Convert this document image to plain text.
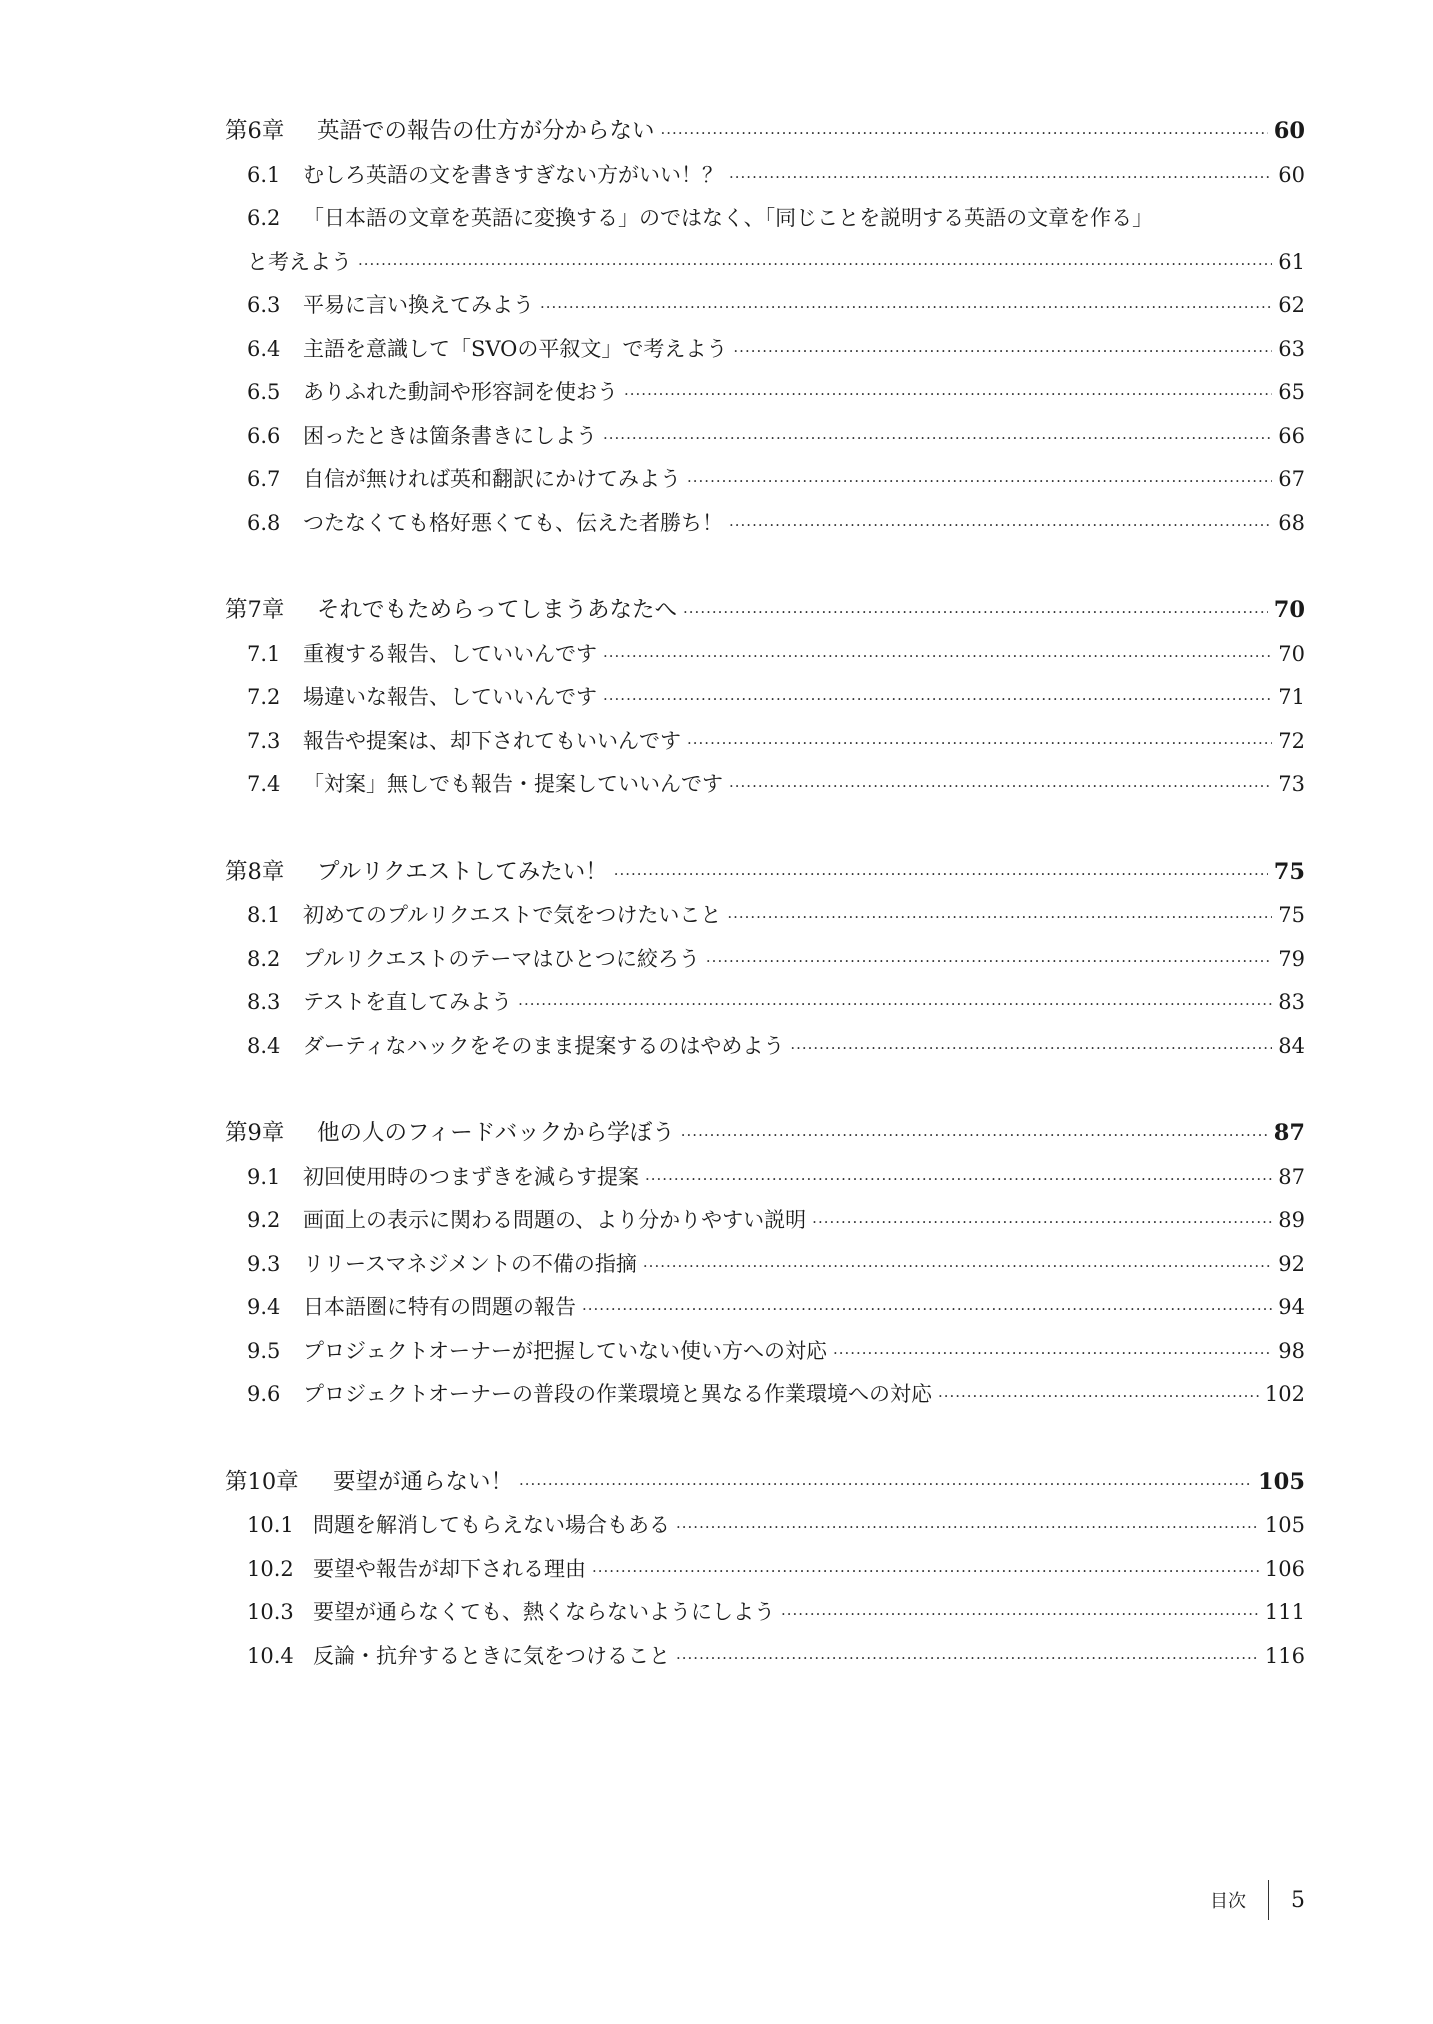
第6章	英語での報告の仕方が分からない ·····	60
6.1	むしろ英語の文を書きすぎない方がいい！？ ·····	60
6.2	「日本語の文章を英語に変換する」のではなく、「同じことを説明する英語の文章を作る」
と考えよう ·····	61
6.3	平易に言い換えてみよう ·····	62
6.4	主語を意識して「SVOの平叙文」で考えよう ·····	63
6.5	ありふれた動詞や形容詞を使おう ·····	65
6.6	困ったときは箇条書きにしよう ·····	66
6.7	自信が無ければ英和翻訳にかけてみよう ·····	67
6.8	つたなくても格好悪くても、伝えた者勝ち！ ·····	68
第7章	それでもためらってしまうあなたへ ·····	70
7.1	重複する報告、していいんです ·····	70
7.2	場違いな報告、していいんです ·····	71
7.3	報告や提案は、却下されてもいいんです ·····	72
7.4	「対案」無しでも報告・提案していいんです ·····	73
第8章	プルリクエストしてみたい！ ·····	75
8.1	初めてのプルリクエストで気をつけたいこと ·····	75
8.2	プルリクエストのテーマはひとつに絞ろう ·····	79
8.3	テストを直してみよう ·····	83
8.4	ダーティなハックをそのまま提案するのはやめよう ·····	84
第9章	他の人のフィードバックから学ぼう ·····	87
9.1	初回使用時のつまずきを減らす提案 ·····	87
9.2	画面上の表示に関わる問題の、より分かりやすい説明 ·····	89
9.3	リリースマネジメントの不備の指摘 ·····	92
9.4	日本語圏に特有の問題の報告 ·····	94
9.5	プロジェクトオーナーが把握していない使い方への対応 ·····	98
9.6	プロジェクトオーナーの普段の作業環境と異なる作業環境への対応 ·····	102
第10章	要望が通らない！ ·····	105
10.1 問題を解消してもらえない場合もある ·····	105
10.2 要望や報告が却下される理由 ·····	106
10.3 要望が通らなくても、熱くならないようにしよう ·····	111
10.4 反論・抗弁するときに気をつけること ·····	116
目次 5
